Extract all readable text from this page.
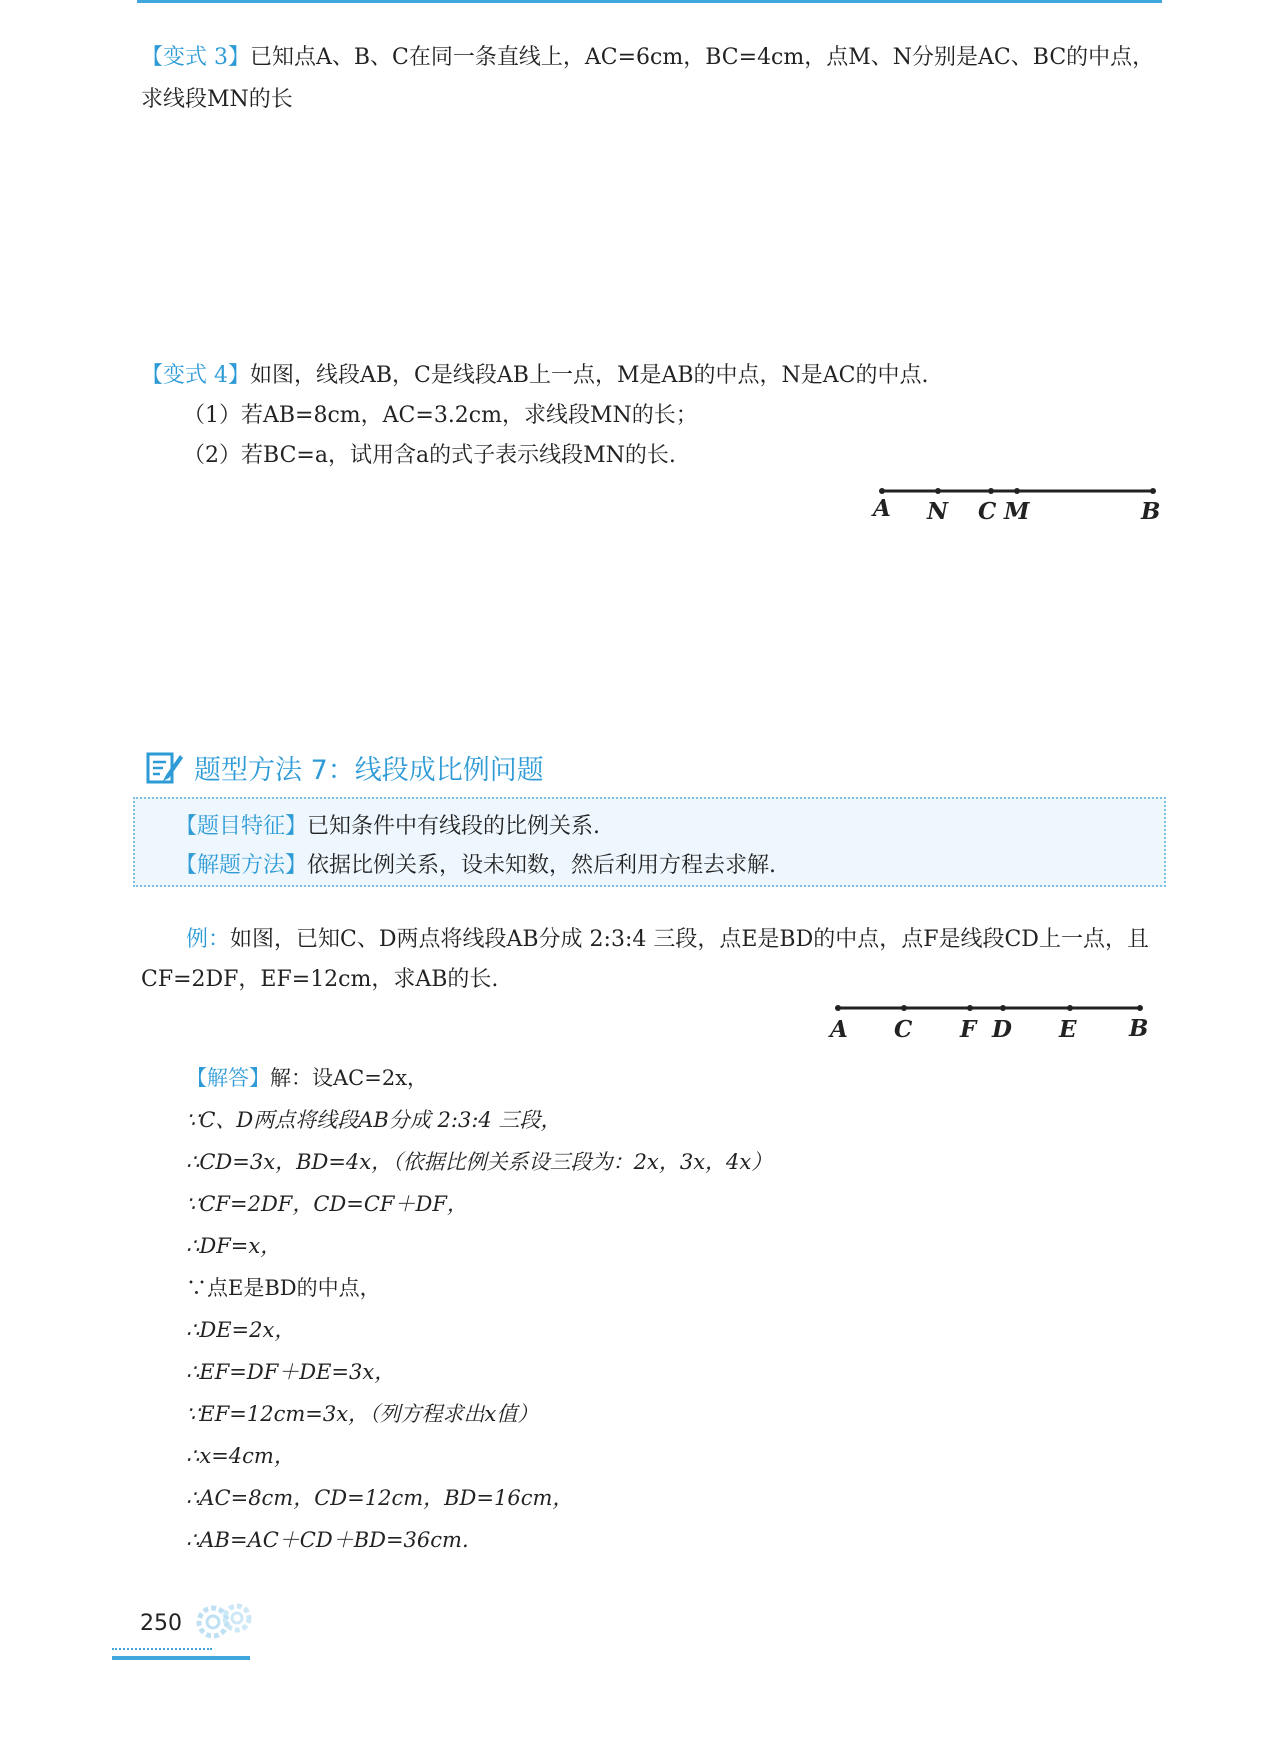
【变式 3】已知点A、B、C在同一条直线上，AC=6cm，BC=4cm，点M、N分别是AC、BC的中点，
求线段MN的长
【变式 4】如图，线段AB，C是线段AB上一点，M是AB的中点，N是AC的中点.
（1）若AB=8cm，AC=3.2cm，求线段MN的长；
（2）若BC=a，试用含a的式子表示线段MN的长.
A N C M	B
题型方法 7：线段成比例问题
【题目特征】已知条件中有线段的比例关系.
【解题方法】依据比例关系，设未知数，然后利用方程去求解.
例：如图，已知C、D两点将线段AB分成 2:3:4 三段，点E是BD的中点，点F是线段CD上一点，且
CF=2DF，EF=12cm，求AB的长.
A C F D E B
【解答】解：设AC=2x，
∵C、D两点将线段AB分成 2:3:4 三段，
∴CD=3x，BD=4x，（依据比例关系设三段为：2x，3x，4x）
∵CF=2DF，CD=CF＋DF，
∴DF=x，
∵点E是BD的中点，
∴DE=2x，
∴EF=DF＋DE=3x，
∵EF=12cm=3x，（列方程求出x值）
∴x=4cm，
∴AC=8cm，CD=12cm，BD=16cm，
∴AB=AC＋CD＋BD=36cm.
250
